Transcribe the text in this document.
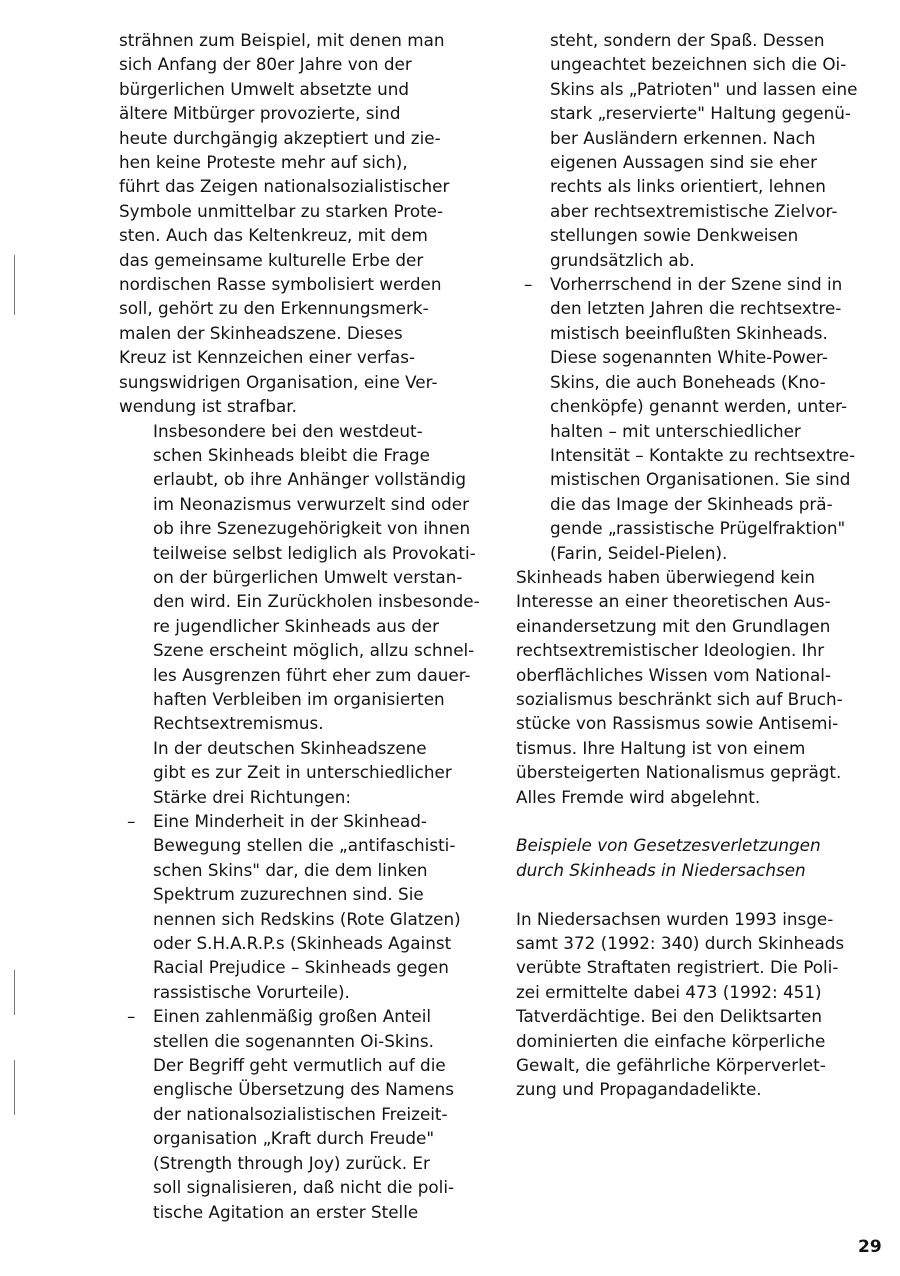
strähnen zum Beispiel, mit denen man
sich Anfang der 80er Jahre von der
bürgerlichen Umwelt absetzte und
ältere Mitbürger provozierte, sind
heute durchgängig akzeptiert und zie-
hen keine Proteste mehr auf sich),
führt das Zeigen nationalsozialistischer
Symbole unmittelbar zu starken Prote-
sten. Auch das Keltenkreuz, mit dem
das gemeinsame kulturelle Erbe der
nordischen Rasse symbolisiert werden
soll, gehört zu den Erkennungsmerk-
malen der Skinheadszene. Dieses
Kreuz ist Kennzeichen einer verfas-
sungswidrigen Organisation, eine Ver-
wendung ist strafbar.
Insbesondere bei den westdeut-
schen Skinheads bleibt die Frage
erlaubt, ob ihre Anhänger vollständig
im Neonazismus verwurzelt sind oder
ob ihre Szenezugehörigkeit von ihnen
teilweise selbst lediglich als Provokati-
on der bürgerlichen Umwelt verstan-
den wird. Ein Zurückholen insbesonde-
re jugendlicher Skinheads aus der
Szene erscheint möglich, allzu schnel-
les Ausgrenzen führt eher zum dauer-
haften Verbleiben im organisierten
Rechtsextremismus.
In der deutschen Skinheadszene
gibt es zur Zeit in unterschiedlicher
Stärke drei Richtungen:
– Eine Minderheit in der Skinhead-
Bewegung stellen die „antifaschisti-
schen Skins" dar, die dem linken
Spektrum zuzurechnen sind. Sie
nennen sich Redskins (Rote Glatzen)
oder S.H.A.R.P.s (Skinheads Against
Racial Prejudice – Skinheads gegen
rassistische Vorurteile).
– Einen zahlenmäßig großen Anteil
stellen die sogenannten Oi-Skins.
Der Begriff geht vermutlich auf die
englische Übersetzung des Namens
der nationalsozialistischen Freizeit-
organisation „Kraft durch Freude"
(Strength through Joy) zurück. Er
soll signalisieren, daß nicht die poli-
tische Agitation an erster Stelle
steht, sondern der Spaß. Dessen
ungeachtet bezeichnen sich die Oi-
Skins als „Patrioten" und lassen eine
stark „reservierte" Haltung gegenü-
ber Ausländern erkennen. Nach
eigenen Aussagen sind sie eher
rechts als links orientiert, lehnen
aber rechtsextremistische Zielvor-
stellungen sowie Denkweisen
grundsätzlich ab.
– Vorherrschend in der Szene sind in
den letzten Jahren die rechtsextre-
mistisch beeinflußten Skinheads.
Diese sogenannten White-Power-
Skins, die auch Boneheads (Kno-
chenköpfe) genannt werden, unter-
halten – mit unterschiedlicher
Intensität – Kontakte zu rechtsextre-
mistischen Organisationen. Sie sind
die das Image der Skinheads prä-
gende „rassistische Prügelfraktion"
(Farin, Seidel-Pielen).
Skinheads haben überwiegend kein
Interesse an einer theoretischen Aus-
einandersetzung mit den Grundlagen
rechtsextremistischer Ideologien. Ihr
oberflächliches Wissen vom National-
sozialismus beschränkt sich auf Bruch-
stücke von Rassismus sowie Antisemi-
tismus. Ihre Haltung ist von einem
übersteigerten Nationalismus geprägt.
Alles Fremde wird abgelehnt.
Beispiele von Gesetzesverletzungen
durch Skinheads in Niedersachsen
In Niedersachsen wurden 1993 insge-
samt 372 (1992: 340) durch Skinheads
verübte Straftaten registriert. Die Poli-
zei ermittelte dabei 473 (1992: 451)
Tatverdächtige. Bei den Deliktsarten
dominierten die einfache körperliche
Gewalt, die gefährliche Körperverlet-
zung und Propagandadelikte.
29
